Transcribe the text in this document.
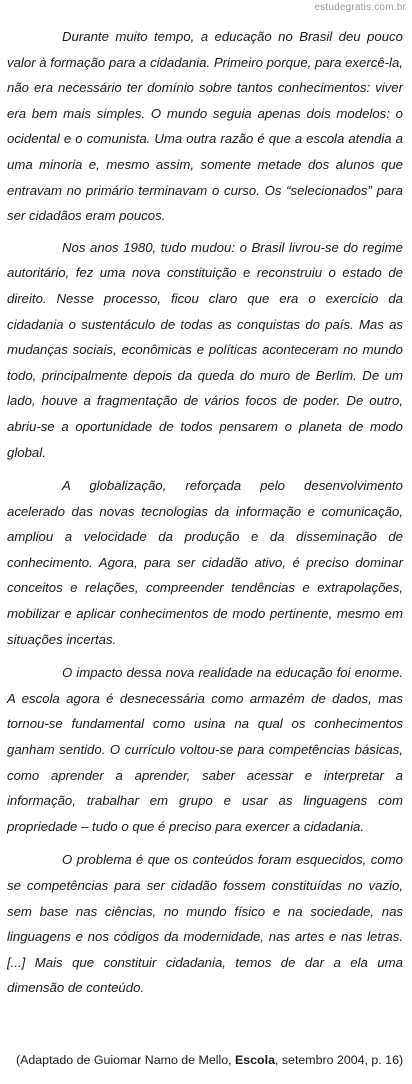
estudegratis.com.br

Durante muito tempo, a educação no Brasil deu pouco valor à formação para a cidadania. Primeiro porque, para exercê-la, não era necessário ter domínio sobre tantos conhecimentos: viver era bem mais simples. O mundo seguia apenas dois modelos: o ocidental e o comunista. Uma outra razão é que a escola atendia a uma minoria e, mesmo assim, somente metade dos alunos que entravam no primário terminavam o curso. Os “selecionados” para ser cidadãos eram poucos.

Nos anos 1980, tudo mudou: o Brasil livrou-se do regime autoritário, fez uma nova constituição e reconstruiu o estado de direito. Nesse processo, ficou claro que era o exercício da cidadania o sustentáculo de todas as conquistas do país. Mas as mudanças sociais, econômicas e políticas aconteceram no mundo todo, principalmente depois da queda do muro de Berlim. De um lado, houve a fragmentação de vários focos de poder. De outro, abriu-se a oportunidade de todos pensarem o planeta de modo global.

A globalização, reforçada pelo desenvolvimento acelerado das novas tecnologias da informação e comunicação, ampliou a velocidade da produção e da disseminação de conhecimento. Agora, para ser cidadão ativo, é preciso dominar conceitos e relações, compreender tendências e extrapolações, mobilizar e aplicar conhecimentos de modo pertinente, mesmo em situações incertas.

O impacto dessa nova realidade na educação foi enorme. A escola agora é desnecessária como armazém de dados, mas tornou-se fundamental como usina na qual os conhecimentos ganham sentido. O currículo voltou-se para competências básicas, como aprender a aprender, saber acessar e interpretar a informação, trabalhar em grupo e usar as linguagens com propriedade – tudo o que é preciso para exercer a cidadania.

O problema é que os conteúdos foram esquecidos, como se competências para ser cidadão fossem constituídas no vazio, sem base nas ciências, no mundo físico e na sociedade, nas linguagens e nos códigos da modernidade, nas artes e nas letras. [...] Mais que constituir cidadania, temos de dar a ela uma dimensão de conteúdo.

(Adaptado de Guiomar Namo de Mello, Escola, setembro 2004, p. 16)
